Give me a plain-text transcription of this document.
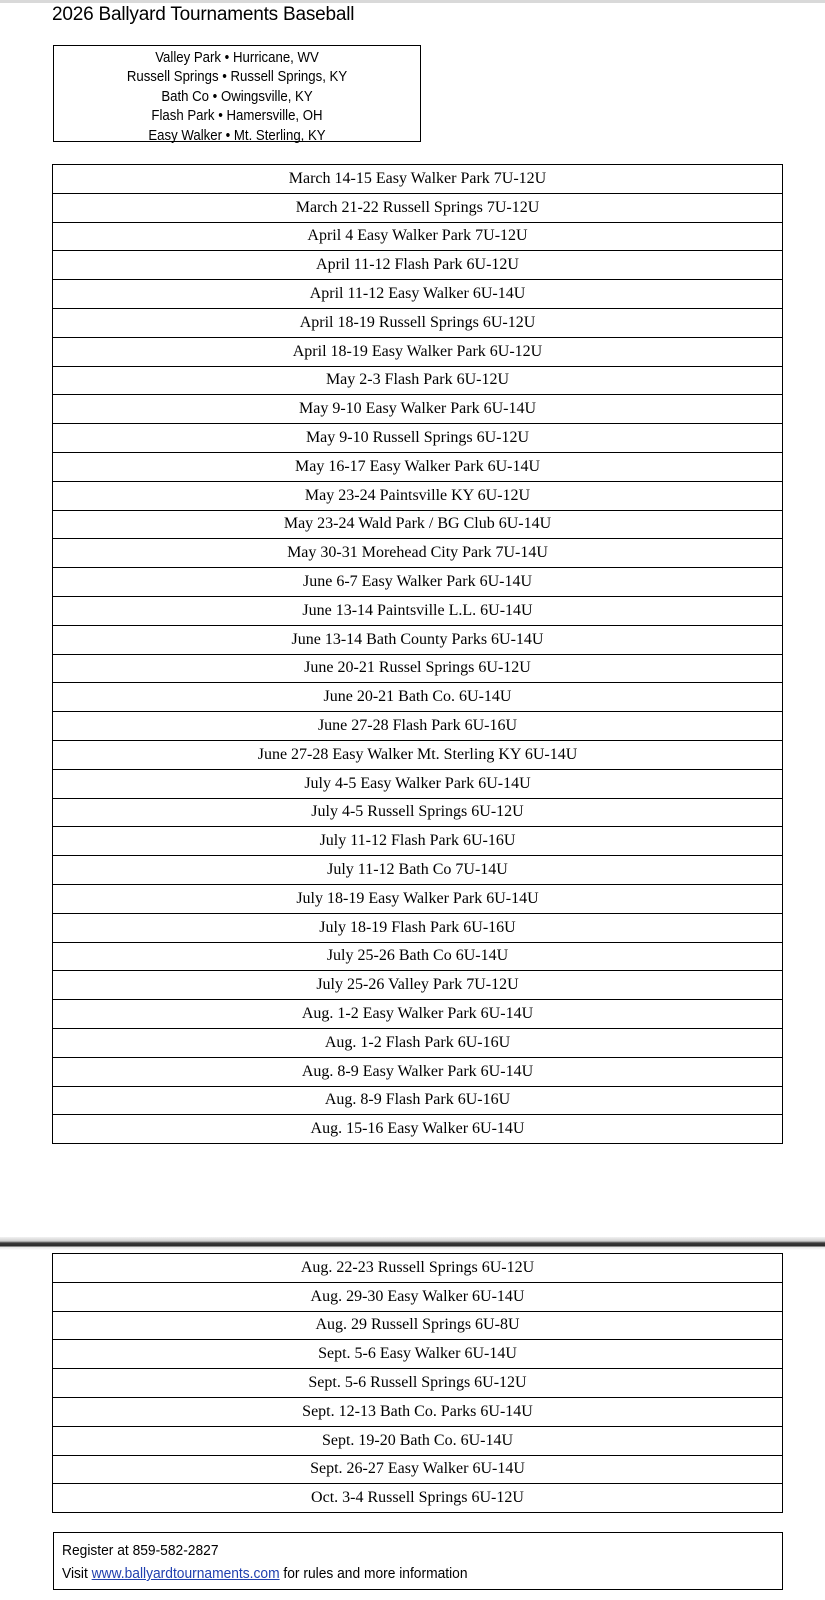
2026 Ballyard Tournaments Baseball
Valley Park • Hurricane, WV
Russell Springs • Russell Springs, KY
Bath Co • Owingsville, KY
Flash Park • Hamersville, OH
Easy Walker • Mt. Sterling, KY
March 14-15 Easy Walker Park 7U-12U
March 21-22 Russell Springs 7U-12U
April 4 Easy Walker Park 7U-12U
April 11-12 Flash Park 6U-12U
April 11-12 Easy Walker 6U-14U
April 18-19 Russell Springs 6U-12U
April 18-19 Easy Walker Park 6U-12U
May 2-3 Flash Park 6U-12U
May 9-10 Easy Walker Park 6U-14U
May 9-10 Russell Springs 6U-12U
May 16-17 Easy Walker Park 6U-14U
May 23-24 Paintsville KY 6U-12U
May 23-24 Wald Park / BG Club 6U-14U
May 30-31 Morehead City Park 7U-14U
June 6-7 Easy Walker Park 6U-14U
June 13-14 Paintsville L.L. 6U-14U
June 13-14 Bath County Parks 6U-14U
June 20-21 Russel Springs 6U-12U
June 20-21 Bath Co. 6U-14U
June 27-28 Flash Park 6U-16U
June 27-28 Easy Walker Mt. Sterling KY 6U-14U
July 4-5 Easy Walker Park 6U-14U
July 4-5 Russell Springs 6U-12U
July 11-12 Flash Park 6U-16U
July 11-12 Bath Co 7U-14U
July 18-19 Easy Walker Park 6U-14U
July 18-19 Flash Park 6U-16U
July 25-26 Bath Co 6U-14U
July 25-26 Valley Park 7U-12U
Aug. 1-2 Easy Walker Park 6U-14U
Aug. 1-2 Flash Park 6U-16U
Aug. 8-9 Easy Walker Park 6U-14U
Aug. 8-9 Flash Park 6U-16U
Aug. 15-16 Easy Walker 6U-14U
Aug. 22-23 Russell Springs 6U-12U
Aug. 29-30 Easy Walker 6U-14U
Aug. 29 Russell Springs 6U-8U
Sept. 5-6 Easy Walker 6U-14U
Sept. 5-6 Russell Springs 6U-12U
Sept. 12-13 Bath Co. Parks 6U-14U
Sept. 19-20 Bath Co. 6U-14U
Sept. 26-27 Easy Walker 6U-14U
Oct. 3-4 Russell Springs 6U-12U
Register at 859-582-2827
Visit www.ballyardtournaments.com for rules and more information
